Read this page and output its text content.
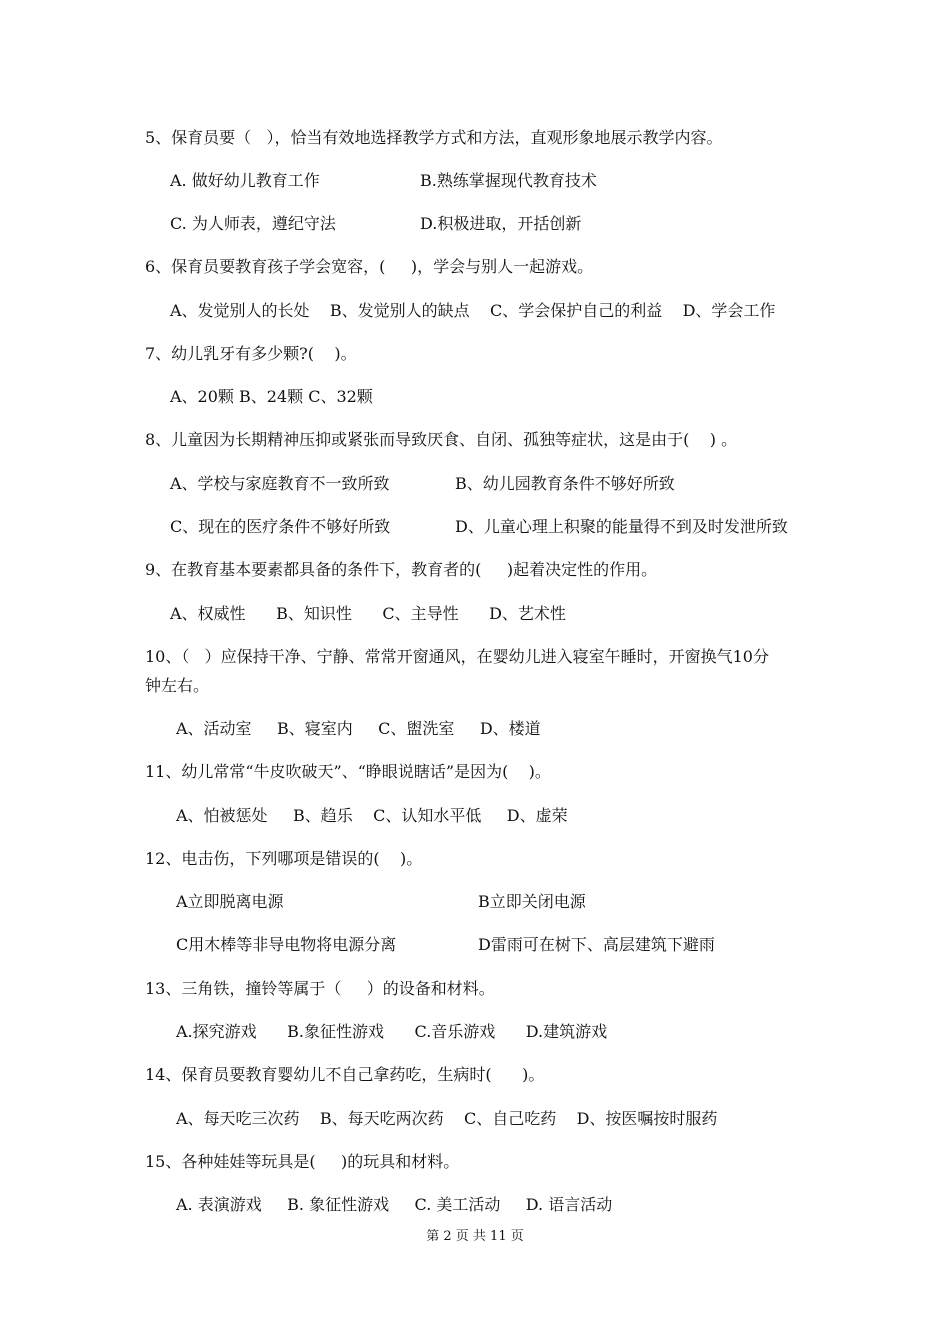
5、保育员要（   ），恰当有效地选择教学方式和方法，直观形象地展示教学内容。

A. 做好幼儿教育工作	B.熟练掌握现代教育技术

C. 为人师表，遵纪守法	D.积极进取，开括创新

6、保育员要教育孩子学会宽容，(     )，学会与别人一起游戏。

A、发觉别人的长处    B、发觉别人的缺点    C、学会保护自己的利益    D、学会工作

7、幼儿乳牙有多少颗?(    )。

A、20颗 B、24颗 C、32颗

8、儿童因为长期精神压抑或紧张而导致厌食、自闭、孤独等症状，这是由于(    ) 。

A、学校与家庭教育不一致所致	B、幼儿园教育条件不够好所致

C、现在的医疗条件不够好所致	D、儿童心理上积聚的能量得不到及时发泄所致

9、在教育基本要素都具备的条件下，教育者的(     )起着决定性的作用。

A、权威性      B、知识性      C、主导性      D、艺术性

10、（   ）应保持干净、宁静、常常开窗通风，在婴幼儿进入寝室午睡时，开窗换气10分

钟左右。

A、活动室     B、寝室内     C、盥洗室     D、楼道

11、幼儿常常“牛皮吹破天”、“睁眼说瞎话”是因为(    )。

A、怕被惩处     B、趋乐    C、认知水平低     D、虚荣

12、电击伤，下列哪项是错误的(    )。

A立即脱离电源	B立即关闭电源

C用木棒等非导电物将电源分离	D雷雨可在树下、高层建筑下避雨

13、三角铁，撞铃等属于（     ）的设备和材料。

A.探究游戏      B.象征性游戏      C.音乐游戏      D.建筑游戏

14、保育员要教育婴幼儿不自己拿药吃，生病时(      )。

A、每天吃三次药    B、每天吃两次药    C、自己吃药    D、按医嘱按时服药

15、各种娃娃等玩具是(     )的玩具和材料。

A. 表演游戏     B. 象征性游戏     C. 美工活动     D. 语言活动

第 2 页 共 11 页
